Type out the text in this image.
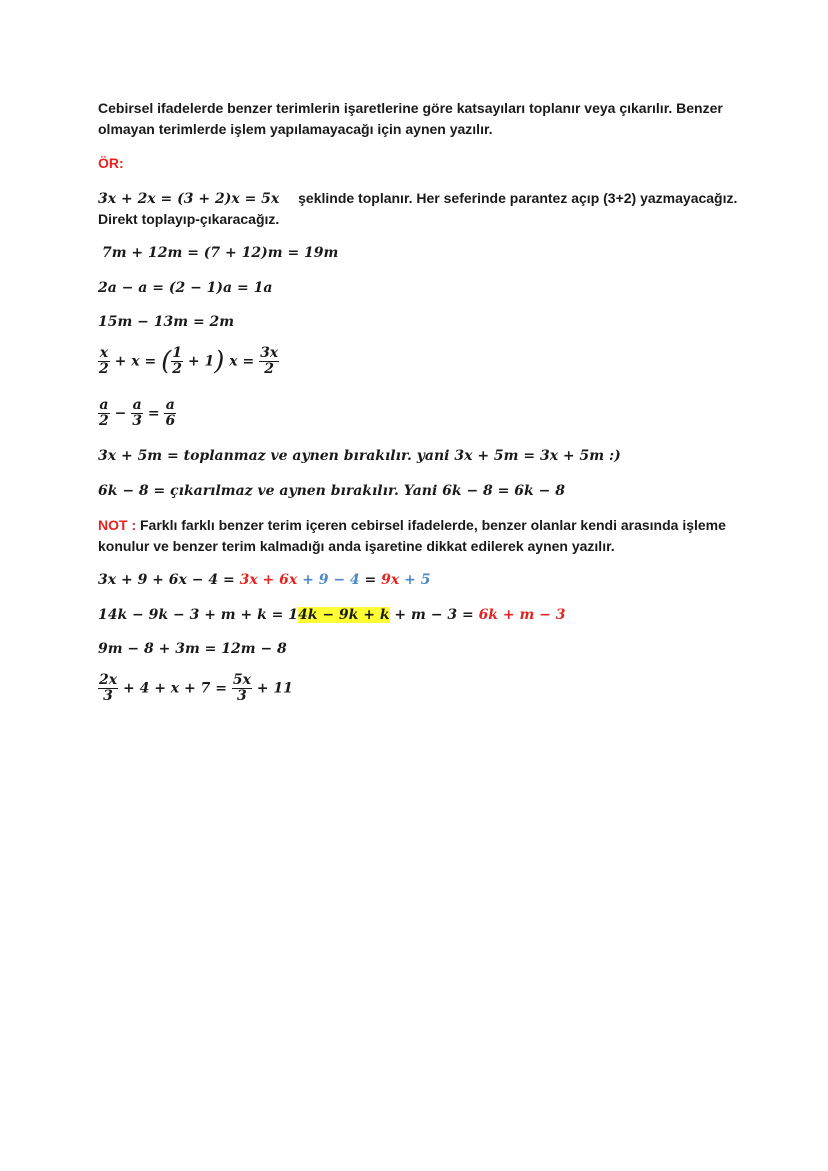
Cebirsel ifadelerde benzer terimlerin işaretlerine göre katsayıları toplanır veya çıkarılır. Benzer
olmayan terimlerde işlem yapılamayacağı için aynen yazılır.
ÖR:
3x + 2x = (3 + 2)x = 5x şeklinde toplanır. Her seferinde parantez açıp (3+2) yazmayacağız.
Direkt toplayıp-çıkaracağız.
7m + 12m = (7 + 12)m = 19m
2a − a = (2 − 1)a = 1a
15m − 13m = 2m
$\frac{x}{2} + x$ = ( $\frac{1}{2} + 1$) $x = \frac{3x}{2}$
$\frac{a}{2} - \frac{a}{3} = \frac{a}{6}$
3x + 5m = toplanmaz ve aynen bırakılır. yani 3x + 5m = 3x + 5m :)
6k − 8 = çıkarılmaz ve aynen bırakılır. Yani 6k − 8 = 6k − 8
NOT : Farklı farklı benzer terim içeren cebirsel ifadelerde, benzer olanlar kendi arasında işleme
konulur ve benzer terim kalmadığı anda işaretine dikkat edilerek aynen yazılır.
3x + 9 + 6x − 4 = 3x + 6x + 9 − 4 = 9x + 5
14k − 9k − 3 + m + k = 14k − 9k + k + m − 3 = 6k + m − 3
9m − 8 + 3m = 12m − 8
$\frac{2x}{3} + 4 + x + 7 = \frac{5x}{3} + 11$
